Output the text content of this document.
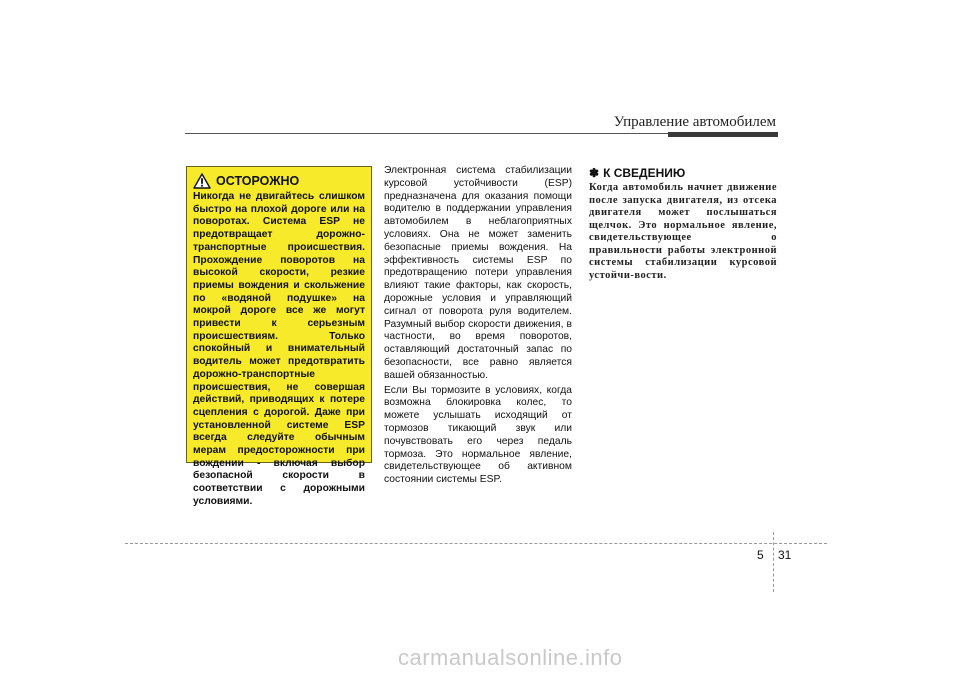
Управление автомобилем
ОСТОРОЖНО

Никогда не двигайтесь слишком быстро на плохой дороге или на поворотах. Система ESP не предотвращает дорожно-транспортные происшествия. Прохождение поворотов на высокой скорости, резкие приемы вождения и скольжение по «водяной подушке» на мокрой дороге все же могут привести к серьезным происшествиям. Только спокойный и внимательный водитель может предотвратить дорожно-транспортные происшествия, не совершая действий, приводящих к потере сцепления с дорогой. Даже при установленной системе ESP всегда следуйте обычным мерам предосторожности при вождении - включая выбор безопасной скорости в соответствии с дорожными условиями.

Электронная система стабилизации курсовой устойчивости (ESP) предназначена для оказания помощи водителю в поддержании управления автомобилем в неблагоприятных условиях. Она не может заменить безопасные приемы вождения. На эффективность системы ESP по предотвращению потери управления влияют такие факторы, как скорость, дорожные условия и управляющий сигнал от поворота руля водителем. Разумный выбор скорости движения, в частности, во время поворотов, оставляющий достаточный запас по безопасности, все равно является вашей обязанностью.

Если Вы тормозите в условиях, когда возможна блокировка колес, то можете услышать исходящий от тормозов тикающий звук или почувствовать его через педаль тормоза. Это нормальное явление, свидетельствующее об активном состоянии системы ESP.

✽ К СВЕДЕНИЮ

Когда автомобиль начнет движение после запуска двигателя, из отсека двигателя может послышаться щелчок. Это нормальное явление, свидетельствующее о правильности работы электронной системы стабилизации курсовой устойчи-вости.

5 31
carmanualsonline.info
